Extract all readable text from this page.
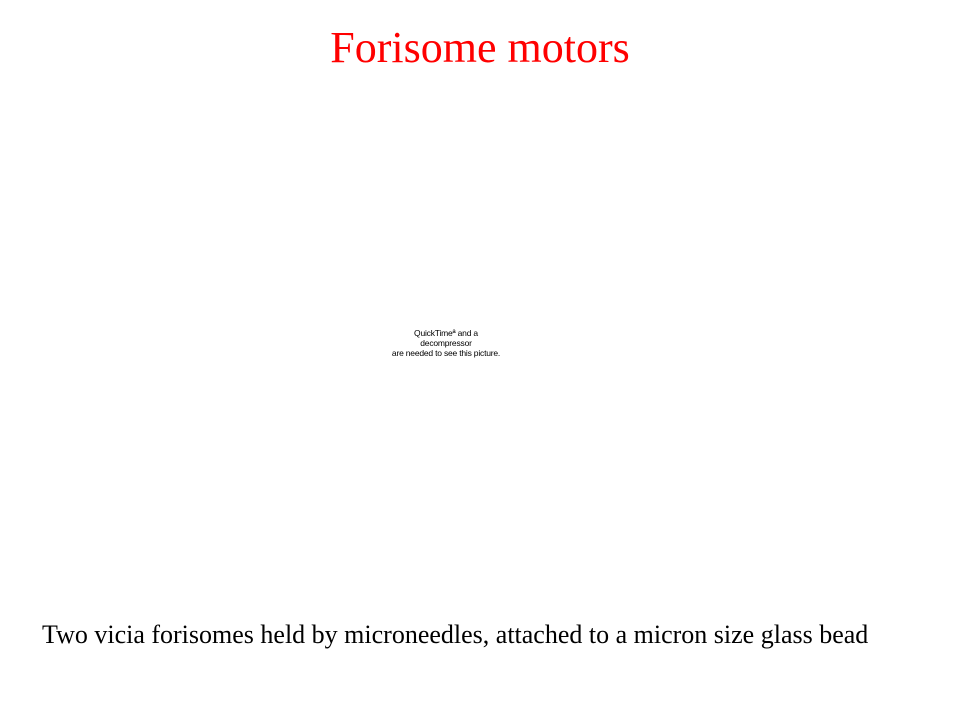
Forisome motors
QuickTimeª and a
decompressor
are needed to see this picture.

Two vicia forisomes held by microneedles, attached to a micron size glass bead
